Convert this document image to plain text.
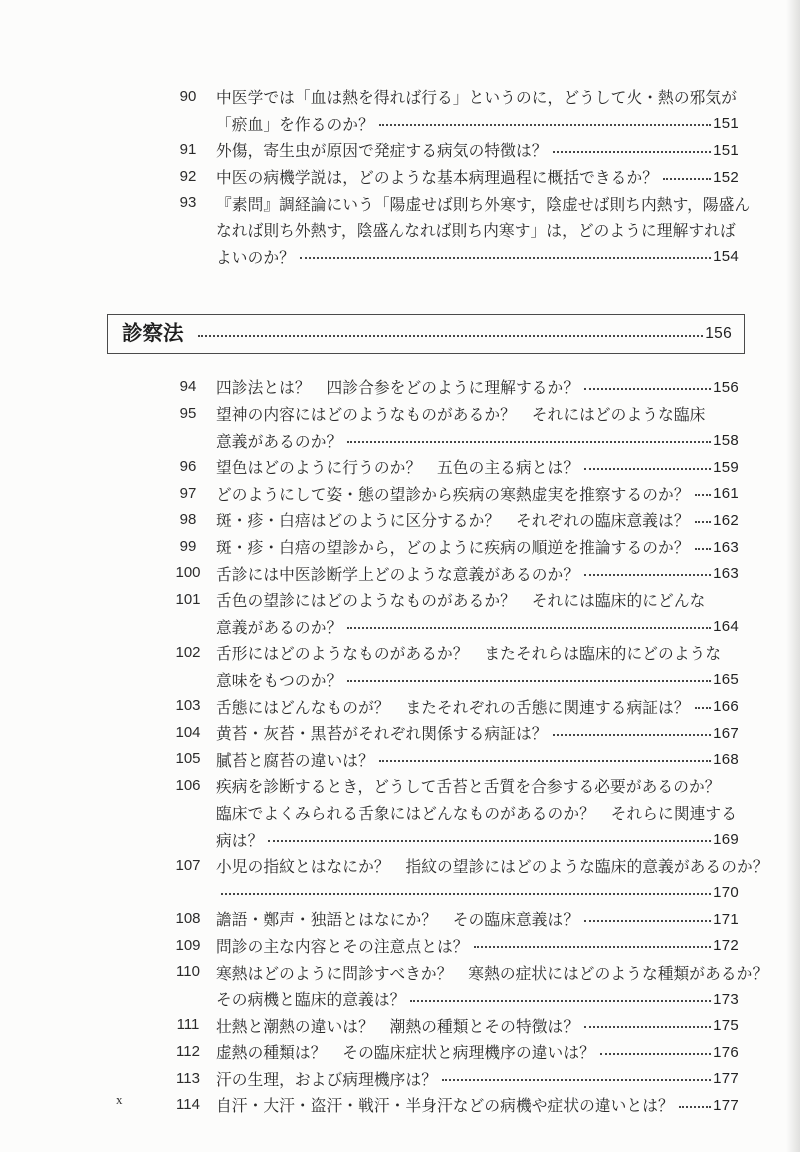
90	中医学では「血は熱を得れば行る」というのに，どうして火・熱の邪気が
「瘀血」を作るのか？	151
91	外傷，寄生虫が原因で発症する病気の特徴は？	151
92	中医の病機学説は，どのような基本病理過程に概括できるか？	152
93	『素問』調経論にいう「陽虚せば則ち外寒す，陰虚せば則ち内熱す，陽盛ん
なれば則ち外熱す，陰盛んなれば則ち内寒す」は，どのように理解すれば
よいのか？	154
診察法	156
94	四診法とは？　四診合参をどのように理解するか？	156
95	望神の内容にはどのようなものがあるか？　それにはどのような臨床
意義があるのか？	158
96	望色はどのように行うのか？　五色の主る病とは？	159
97	どのようにして姿・態の望診から疾病の寒熱虚実を推察するのか？ 161
98	斑・疹・白㾦はどのように区分するか？　それぞれの臨床意義は？ 162
99	斑・疹・白㾦の望診から，どのように疾病の順逆を推論するのか？ 163
100 舌診には中医診断学上どのような意義があるのか？	163
101 舌色の望診にはどのようなものがあるか？　それには臨床的にどんな
意義があるのか？	164
102 舌形にはどのようなものがあるか？　またそれらは臨床的にどのような
意味をもつのか？	165
103 舌態にはどんなものが？　またそれぞれの舌態に関連する病証は？ 166
104 黄苔・灰苔・黒苔がそれぞれ関係する病証は？	167
105 膩苔と腐苔の違いは？	168
106 疾病を診断するとき，どうして舌苔と舌質を合参する必要があるのか？
臨床でよくみられる舌象にはどんなものがあるのか？　それらに関連する
病は？	169
107 小児の指紋とはなにか？　指紋の望診にはどのような臨床的意義があるのか？
170
108 譫語・鄭声・独語とはなにか？　その臨床意義は？	171
109 問診の主な内容とその注意点とは？	172
110	寒熱はどのように問診すべきか？　寒熱の症状にはどのような種類があるか？
その病機と臨床的意義は？	173
111	壮熱と潮熱の違いは？　潮熱の種類とその特徴は？	175
112	虚熱の種類は？　その臨床症状と病理機序の違いは？	176
113	汗の生理，および病理機序は？	177
114	自汗・大汗・盗汗・戦汗・半身汗などの病機や症状の違いとは？	177
x
